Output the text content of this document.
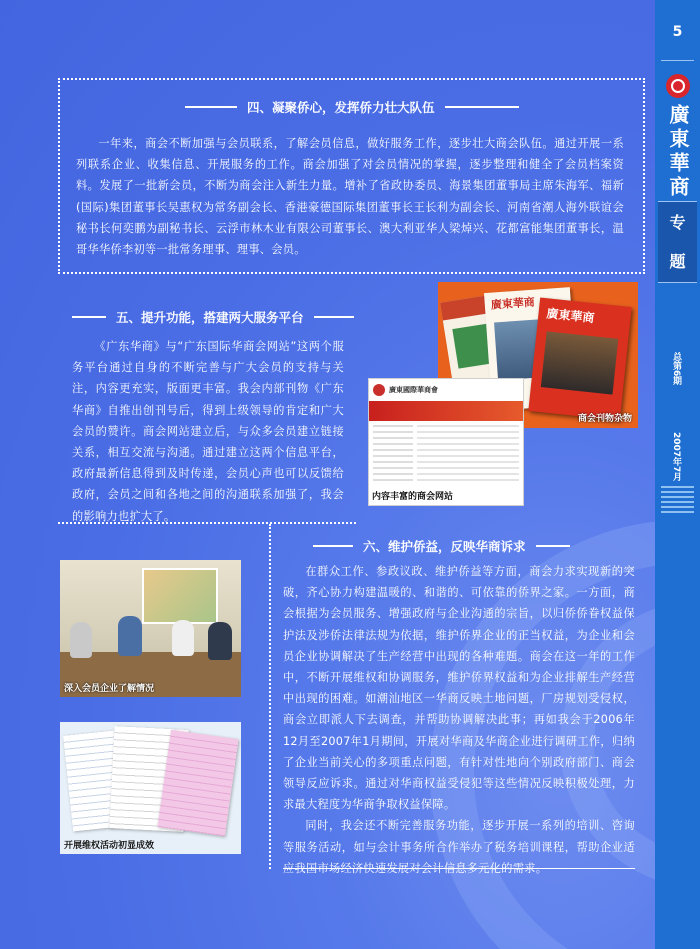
四、凝聚侨心，发挥侨力壮大队伍

一年来，商会不断加强与会员联系，了解会员信息，做好服务工作，逐步壮大商会队伍。通过开展一系列联系企业、收集信息、开展服务的工作。商会加强了对会员情况的掌握，逐步整理和健全了会员档案资料。发展了一批新会员，不断为商会注入新生力量。增补了省政协委员、海景集团董事局主席朱海军、福新(国际)集团董事长吴惠权为常务副会长、香港豪德国际集团董事长王长利为副会长、河南省潮人海外联谊会秘书长何奕鹏为副秘书长、云浮市林木业有限公司董事长、澳大利亚华人梁焯兴、花都富能集团董事长，温哥华华侨李初等一批常务理事、理事、会员。

五、提升功能，搭建两大服务平台

《广东华商》与“广东国际华商会网站”这两个服务平台通过自身的不断完善与广大会员的支持与关注，内容更充实，版面更丰富。我会内部刊物《广东华商》自推出创刊号后，得到上级领导的肯定和广大会员的赞许。商会网站建立后，与众多会员建立链接关系，相互交流与沟通。通过建立这两个信息平台，政府最新信息得到及时传递，会员心声也可以反馈给政府，会员之间和各地之间的沟通联系加强了，我会的影响力也扩大了。

廣東華商
廣東華商
商会刊物杂物
廣東國際華商會
内容丰富的商会网站
六、维护侨益，反映华商诉求

在群众工作、参政议政、维护侨益等方面，商会力求实现新的突破，齐心协力构建温暖的、和谐的、可依靠的侨界之家。一方面，商会根据为会员服务、增强政府与企业沟通的宗旨，以归侨侨眷权益保护法及涉侨法律法规为依据，维护侨界企业的正当权益，为企业和会员企业协调解决了生产经营中出现的各种难题。商会在这一年的工作中，不断开展维权和协调服务，维护侨界权益和为企业排解生产经营中出现的困难。如潮汕地区一华商反映土地问题，厂房规划受侵权，商会立即派人下去调查，并帮助协调解决此事；再如我会于2006年12月至2007年1月期间，开展对华商及华商企业进行调研工作，归纳了企业当前关心的多项重点问题，有针对性地向个别政府部门、商会领导反应诉求。通过对华商权益受侵犯等这些情况反映积极处理，力求最大程度为华商争取权益保障。

同时，我会还不断完善服务功能，逐步开展一系列的培训、咨询等服务活动，如与会计事务所合作举办了税务培训课程，帮助企业适应我国市场经济快速发展对会计信息多元化的需求。

深入会员企业了解情况
开展维权活动初显成效
5
廣東華商
专
题
总第6期
2007年7月
